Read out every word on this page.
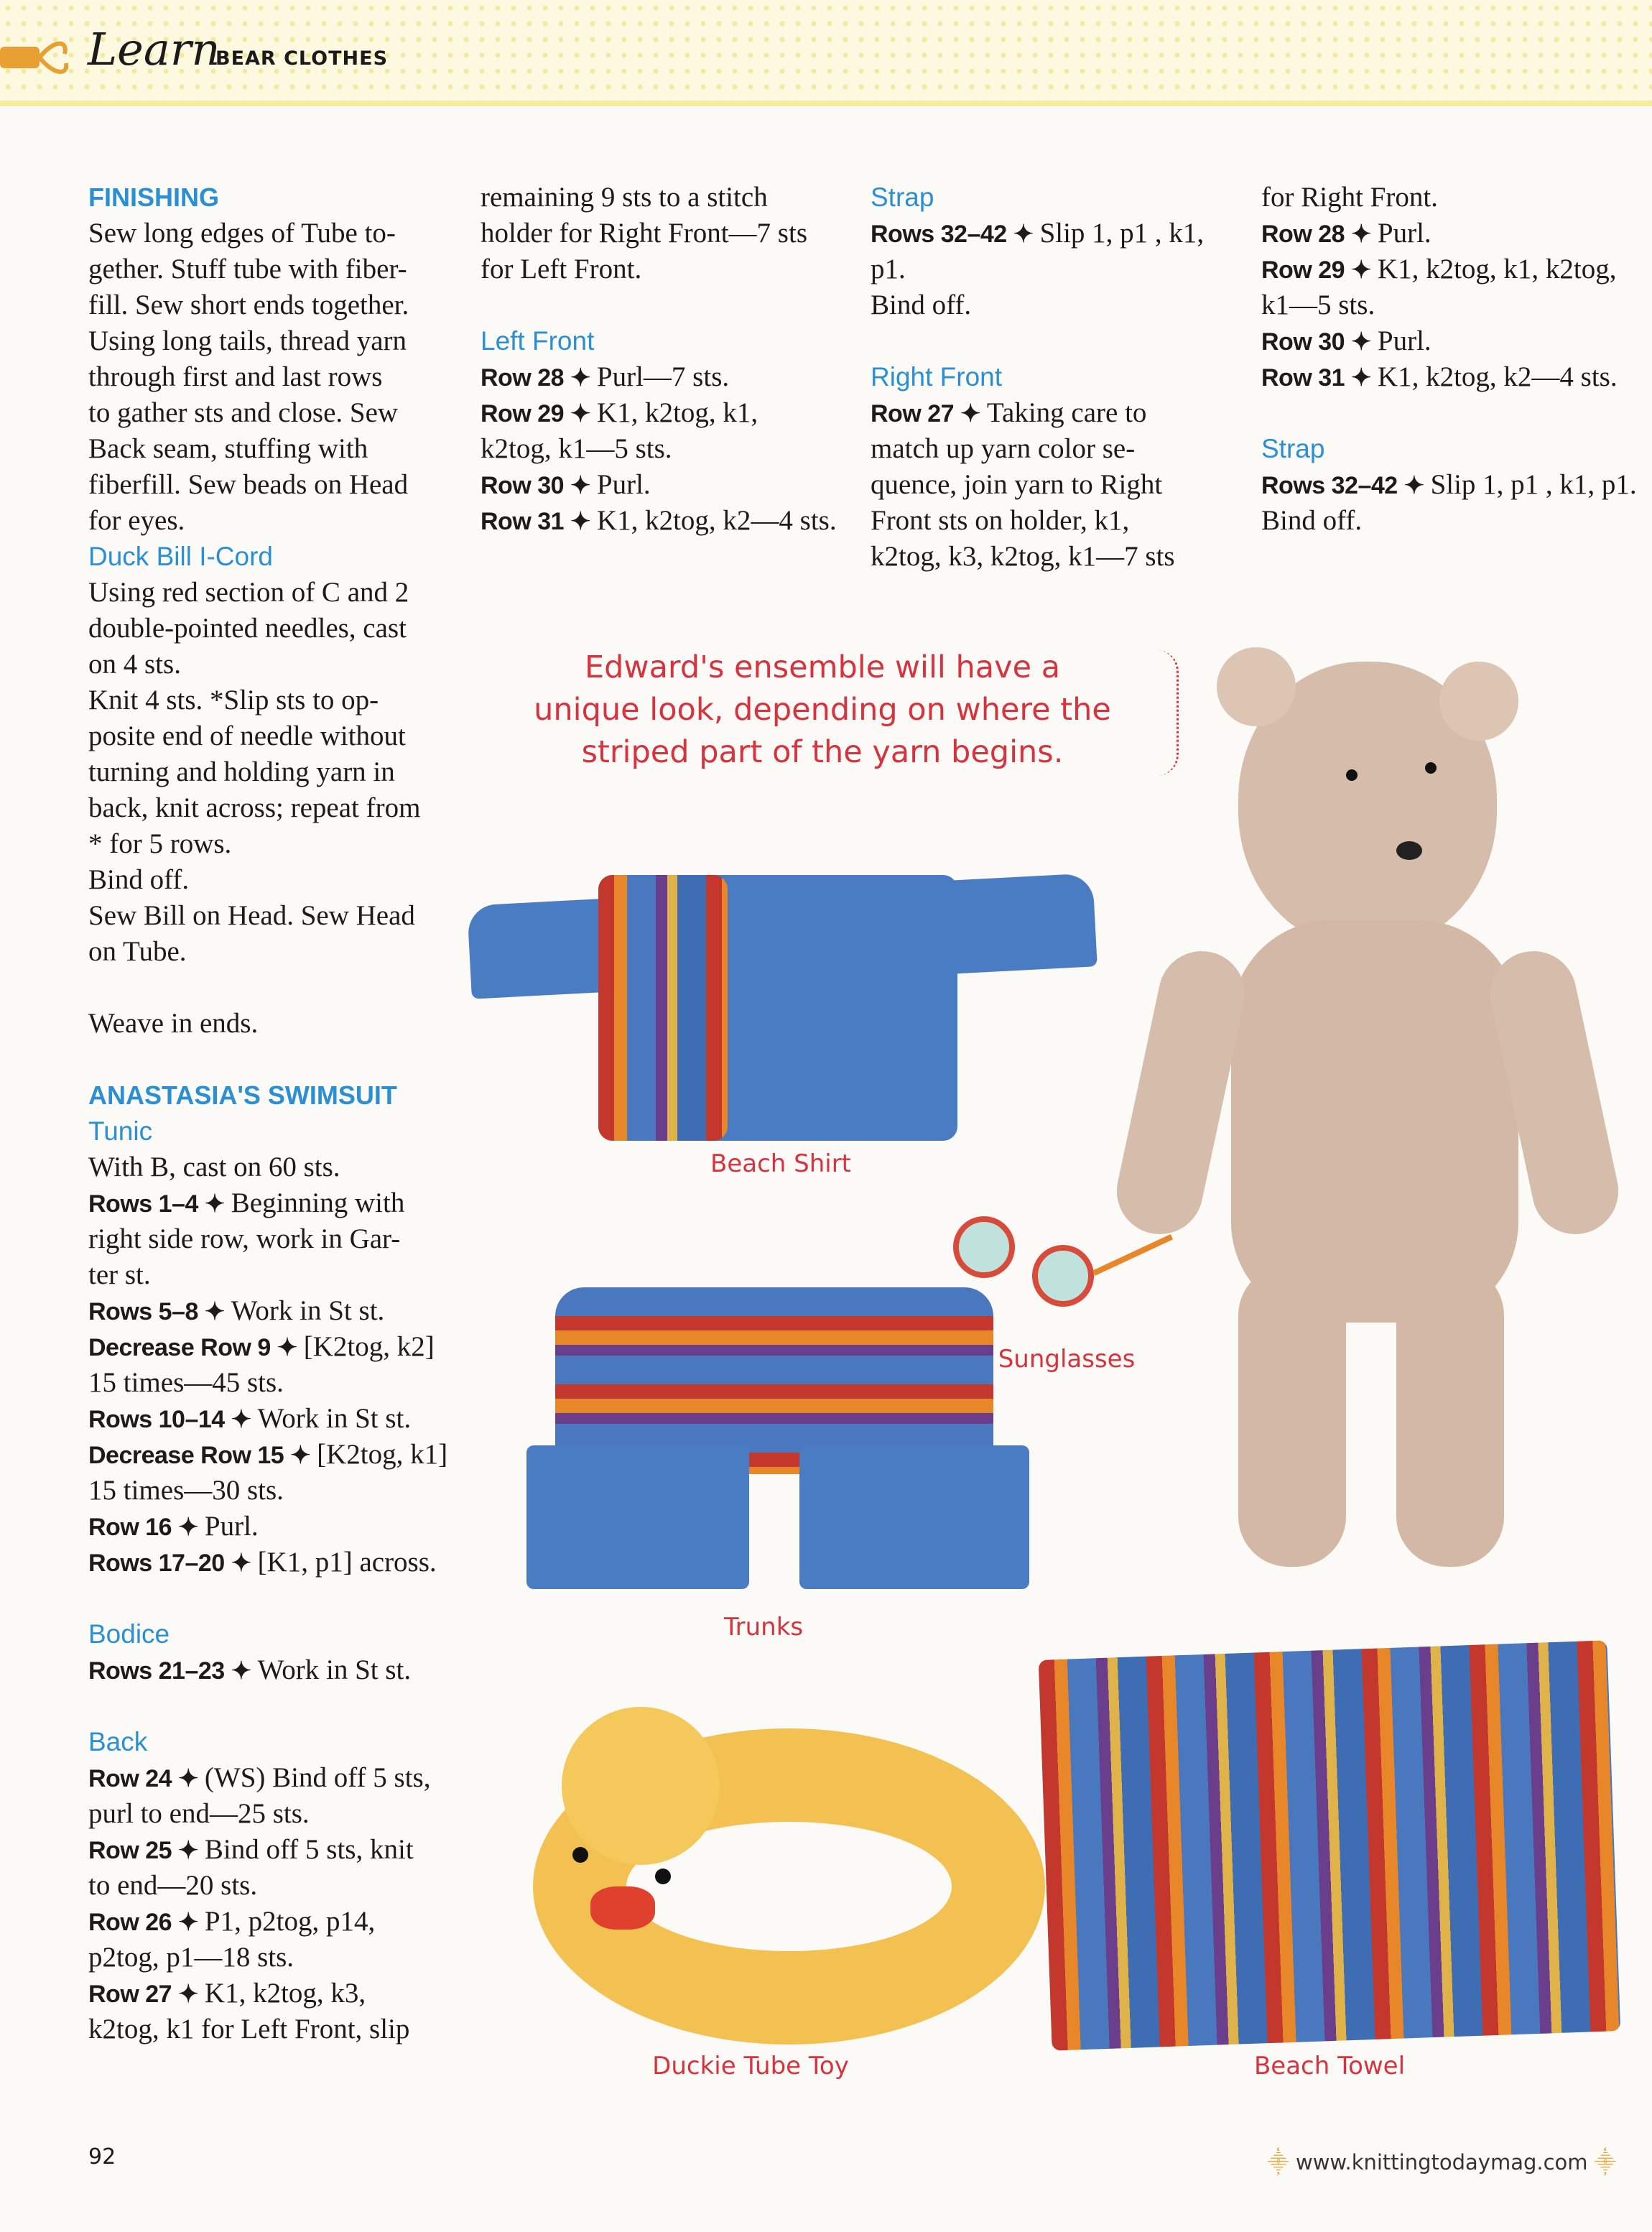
Learn
BEAR CLOTHES
FINISHING
Sew long edges of Tube to-
gether. Stuff tube with fiber-
fill. Sew short ends together.
Using long tails, thread yarn
through first and last rows
to gather sts and close. Sew
Back seam, stuffing with
fiberfill. Sew beads on Head
for eyes.
Duck Bill I-Cord
Using red section of C and 2
double-pointed needles, cast
on 4 sts.
Knit 4 sts. *Slip sts to op-
posite end of needle without
turning and holding yarn in
back, knit across; repeat from
* for 5 rows.
Bind off.
Sew Bill on Head. Sew Head
on Tube.
Weave in ends.
ANASTASIA'S SWIMSUIT
Tunic
With B, cast on 60 sts.
Rows 1–4 ✦ Beginning with
right side row, work in Gar-
ter st.
Rows 5–8 ✦ Work in St st.
Decrease Row 9 ✦ [K2tog, k2]
15 times—45 sts.
Rows 10–14 ✦ Work in St st.
Decrease Row 15 ✦ [K2tog, k1]
15 times—30 sts.
Row 16 ✦ Purl.
Rows 17–20 ✦ [K1, p1] across.
Bodice
Rows 21–23 ✦ Work in St st.
Back
Row 24 ✦ (WS) Bind off 5 sts,
purl to end—25 sts.
Row 25 ✦ Bind off 5 sts, knit
to end—20 sts.
Row 26 ✦ P1, p2tog, p14,
p2tog, p1—18 sts.
Row 27 ✦ K1, k2tog, k3,
k2tog, k1 for Left Front, slip
remaining 9 sts to a stitch
holder for Right Front—7 sts
for Left Front.
Left Front
Row 28 ✦ Purl—7 sts.
Row 29 ✦ K1, k2tog, k1,
k2tog, k1—5 sts.
Row 30 ✦ Purl.
Row 31 ✦ K1, k2tog, k2—4 sts.
Strap
Rows 32–42 ✦ Slip 1, p1 , k1,
p1.
Bind off.
Right Front
Row 27 ✦ Taking care to
match up yarn color se-
quence, join yarn to Right
Front sts on holder, k1,
k2tog, k3, k2tog, k1—7 sts
for Right Front.
Row 28 ✦ Purl.
Row 29 ✦ K1, k2tog, k1, k2tog,
k1—5 sts.
Row 30 ✦ Purl.
Row 31 ✦ K1, k2tog, k2—4 sts.
Strap
Rows 32–42 ✦ Slip 1, p1 , k1, p1.
Bind off.
Edward's ensemble will have a
unique look, depending on where the
striped part of the yarn begins.
Beach Shirt
Sunglasses
Trunks
Duckie Tube Toy	Beach Towel
92	⸎ www.knittingtodaymag.com ⸎
